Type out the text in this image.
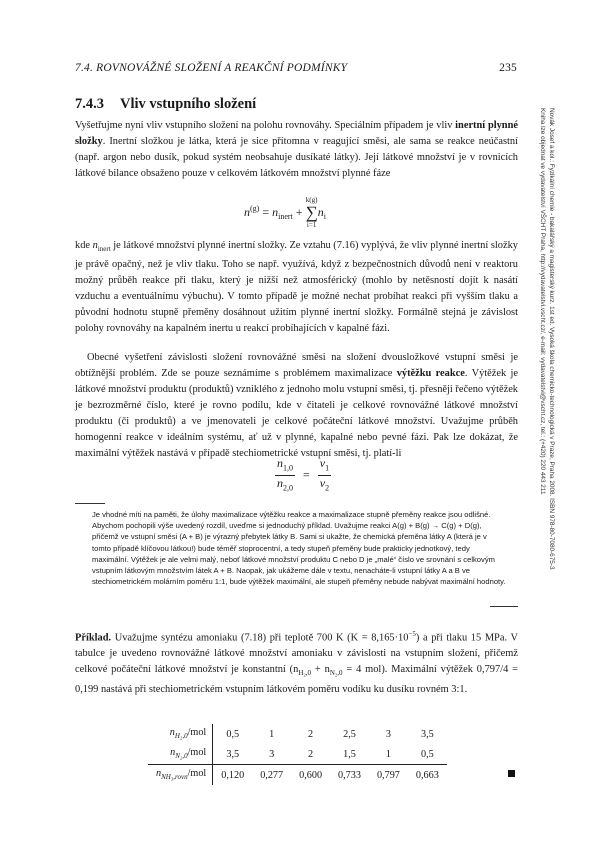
7.4. ROVNOVÁŽNÉ SLOŽENÍ A REAKČNÍ PODMÍNKY	235
7.4.3 Vliv vstupního složení

Vyšetřujme nyní vliv vstupního složení na polohu rovnováhy. Speciálním případem je vliv inertní plynné složky. Inertní složkou je látka, která je sice přítomna v reagující směsi, ale sama se reakce neúčastní (např. argon nebo dusík, pokud systém neobsahuje dusíkaté látky). Její látkové množství je v rovnicích látkové bilance obsaženo pouze v celkovém látkovém množství plynné fáze

$n^{(g)} = n_{inert}$ +
k(g)
∑
i=1
$n_i$

kde $n_{inert}$ je látkové množství plynné inertní složky. Ze vztahu (7.16) vyplývá, že vliv plynné inertní složky je právě opačný, než je vliv tlaku. Toho se např. využívá, když z bezpečnostních důvodů není v reaktoru možný průběh reakce při tlaku, který je nižší než atmosférický (mohlo by netěsností dojít k nasátí vzduchu a eventuálnímu výbuchu). V tomto případě je možné nechat probíhat reakci při vyšším tlaku a původní hodnotu stupně přeměny dosáhnout užitím plynné inertní složky. Formálně stejná je závislost polohy rovnováhy na kapalném inertu u reakcí probíhajících v kapalné fázi.

Obecné vyšetření závislosti složení rovnovážné směsi na složení dvousložkové vstupní směsi je obtížnější problém. Zde se pouze seznámíme s problémem maximalizace výtěžku reakce. Výtěžek je látkové množství produktu (produktů) vzniklého z jednoho molu vstupní směsi, tj. přesněji řečeno výtěžek je bezrozměrné číslo, které je rovno podílu, kde v čitateli je celkové rovnovážné látkové množství produktu (či produktů) a ve jmenovateli je celkové počáteční látkové množství. Uvažujme průběh homogenní reakce v ideálním systému, ať už v plynné, kapalné nebo pevné fázi. Pak lze dokázat, že maximální výtěžek nastává v případě stechiometrické vstupní směsi, tj. platí-li

$\frac{n_{1,0}}{n_{2,0}} = \frac{\nu_1}{\nu_2}$

Je vhodné míti na paměti, že úlohy maximalizace výtěžku reakce a maximalizace stupně přeměny reakce jsou odlišné. Abychom pochopili výše uvedený rozdíl, uveďme si jednoduchý příklad. Uvažujme reakci A(g) + B(g) → C(g) + D(g), přičemž ve vstupní směsi (A + B) je výrazný přebytek látky B. Sami si ukažte, že chemická přeměna látky A (která je v tomto případě klíčovou látkou!) bude téměř stoprocentní, a tedy stupeň přeměny bude prakticky jednotkový, tedy maximální. Výtěžek je ale velmi malý, neboť látkové množství produktu C nebo D je „malé“ číslo ve srovnání s celkovým vstupním látkovým množstvím látek A + B. Naopak, jak ukážeme dále v textu, nenacháte-li vstupní látky A a B ve stechiometrickém molárním poměru 1:1, bude výtěžek maximální, ale stupeň přeměny nebude nabývat maximální hodnoty.

Příklad. Uvažujme syntézu amoniaku (7.18) při teplotě 700 K $(K = 8,165\cdot 10^{-5})$ a při tlaku 15 MPa. V tabulce je uvedeno rovnovážné látkové množství amoniaku v závislosti na vstupním složení, přičemž celkové počáteční látkové množství je konstantní ($n_{H_2,0} + n_{N_2,0} = 4$ mol). Maximální výtěžek 0,797/4 = 0,199 nastává při stechiometrickém vstupním látkovém poměru vodíku ku dusíku rovném 3:1.

$n_{H_2,0}$/mol	0,5	1	2	2,5	3	3,5
$n_{N_2,0}$/mol	3,5	3	2	1,5	1	0,5
$n_{NH_3,rovn}$/mol	0,120	0,277	0,600	0,733	0,797	0,663
Novák Josef a kol.: Fyzikální chemie - bakalářský a magisterský kurz. 1st ed. Vysoká škola chemicko-technologická v Praze, Praha 2008. ISBN 978-80-7080-675-3
Kniha lze objednat ve vydavatelství VŠCHT Praha, http://vydavatelstvi.vscht.cz/, e-mail: vydavatelstvi@vscht.cz, tel.: (+420) 220 443 211
